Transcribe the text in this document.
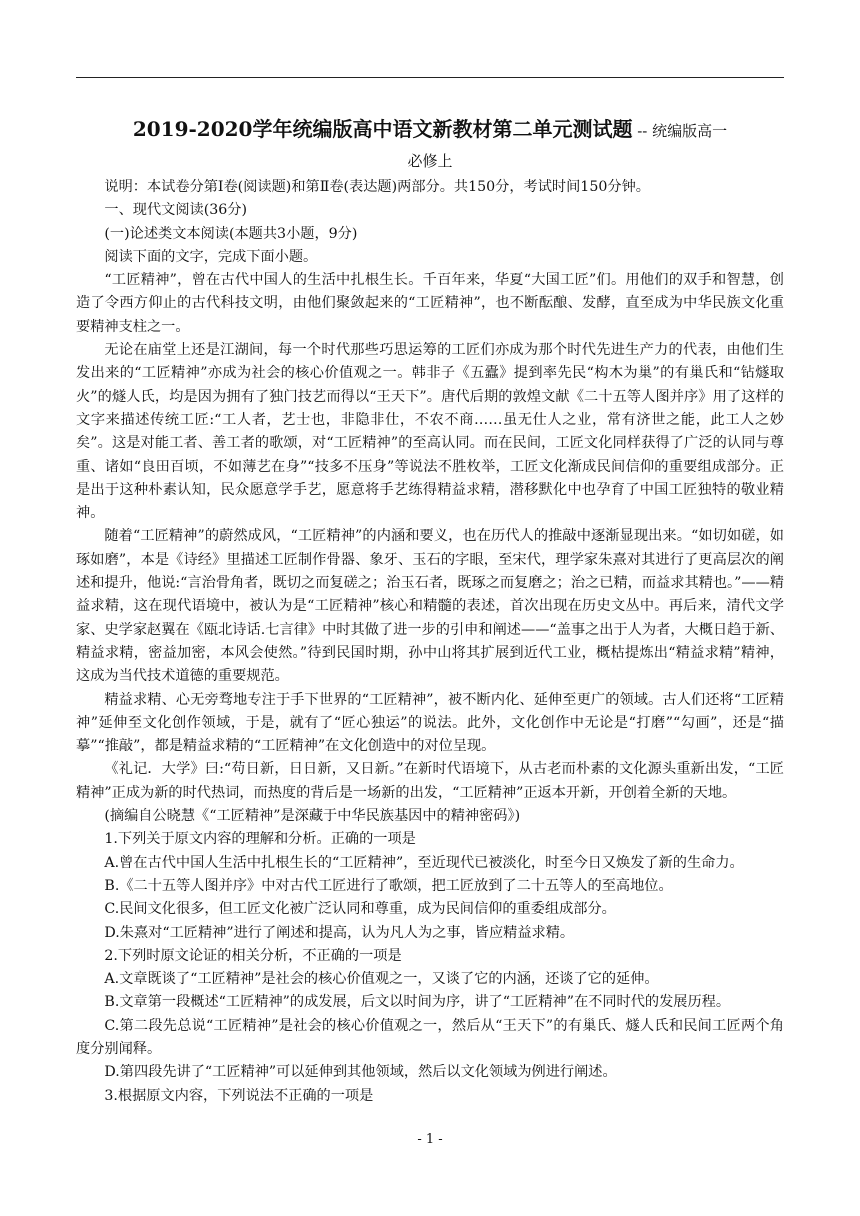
2019-2020学年统编版高中语文新教材第二单元测试题 -- 统编版高一
必修上

说明：本试卷分第Ⅰ卷(阅读题)和第Ⅱ卷(表达题)两部分。共150分，考试时间150分钟。

一、现代文阅读(36分)

(一)论述类文本阅读(本题共3小题，9分)

阅读下面的文字，完成下面小题。

“工匠精神”，曾在古代中国人的生活中扎根生长。千百年来，华夏“大国工匠”们。用他们的双手和智慧，创造了令西方仰止的古代科技文明，由他们聚敛起来的“工匠精神”，也不断酝酿、发酵，直至成为中华民族文化重要精神支柱之一。

无论在庙堂上还是江湖间，每一个时代那些巧思运筹的工匠们亦成为那个时代先进生产力的代表，由他们生发出来的“工匠精神”亦成为社会的核心价值观之一。韩非子《五蠹》提到率先民“构木为巢”的有巢氏和“钻燧取火”的燧人氏，均是因为拥有了独门技艺而得以“王天下”。唐代后期的敦煌文献《二十五等人图并序》用了这样的文字来描述传统工匠:“工人者，艺士也，非隐非仕，不农不商……虽无仕人之业，常有济世之能，此工人之妙矣”。这是对能工者、善工者的歌颂，对“工匠精神”的至高认同。而在民间，工匠文化同样获得了广泛的认同与尊重、诸如“良田百顷，不如薄艺在身”“技多不压身”等说法不胜枚举，工匠文化渐成民间信仰的重要组成部分。正是出于这种朴素认知，民众愿意学手艺，愿意将手艺练得精益求精，潜移默化中也孕育了中国工匠独特的敬业精神。

随着“工匠精神”的蔚然成风，“工匠精神”的内涵和要义，也在历代人的推敲中逐渐显现出来。“如切如磋，如琢如磨”，本是《诗经》里描述工匠制作骨器、象牙、玉石的字眼，至宋代，理学家朱熹对其进行了更高层次的阐述和提升，他说:“言治骨角者，既切之而复磋之；治玉石者，既琢之而复磨之；治之已精，而益求其精也。”——精益求精，这在现代语境中，被认为是“工匠精神”核心和精髓的表述，首次出现在历史文丛中。再后来，清代文学家、史学家赵翼在《瓯北诗话.七言律》中时其做了进一步的引申和阐述——“盖事之出于人为者，大概日趋于新、精益求精，密益加密，本风会使然。”待到民国时期，孙中山将其扩展到近代工业，概枯提炼出“精益求精”精神，这成为当代技术道德的重要规范。

精益求精、心无旁骛地专注于手下世界的“工匠精神”，被不断内化、延伸至更广的领域。古人们还将“工匠精神”延伸至文化创作领域，于是，就有了“匠心独运”的说法。此外，文化创作中无论是“打磨”“勾画”，还是“描摹”“推敲”，都是精益求精的“工匠精神”在文化创造中的对位呈现。

《礼记．大学》曰:“苟日新，日日新，又日新。”在新时代语境下，从古老而朴素的文化源头重新出发，“工匠精神”正成为新的时代热词，而热度的背后是一场新的出发，“工匠精神”正返本开新，开创着全新的天地。

(摘编自公晓慧《“工匠精神”是深藏于中华民族基因中的精神密码》)

1.下列关于原文内容的理解和分析。正确的一项是

A.曾在古代中国人生活中扎根生长的“工匠精神”，至近现代已被淡化，时至今日又焕发了新的生命力。

B.《二十五等人图并序》中对古代工匠进行了歌颂，把工匠放到了二十五等人的至高地位。

C.民间文化很多，但工匠文化被广泛认同和尊重，成为民间信仰的重委组成部分。

D.朱熹对“工匠精神”进行了阐述和提高，认为凡人为之事，皆应精益求精。

2.下列时原文论证的相关分析，不正确的一项是

A.文章既谈了“工匠精神”是社会的核心价值观之一，又谈了它的内涵，还谈了它的延伸。

B.文章第一段概述“工匠精神”的成发展，后文以时间为序，讲了“工匠精神”在不同时代的发展历程。

C.第二段先总说“工匠精神”是社会的核心价值观之一，然后从“王天下”的有巢氏、燧人氏和民间工匠两个角度分别闻释。

D.第四段先讲了“工匠精神”可以延伸到其他领域，然后以文化领域为例进行阐述。

3.根据原文内容，下列说法不正确的一项是

- 1 -
